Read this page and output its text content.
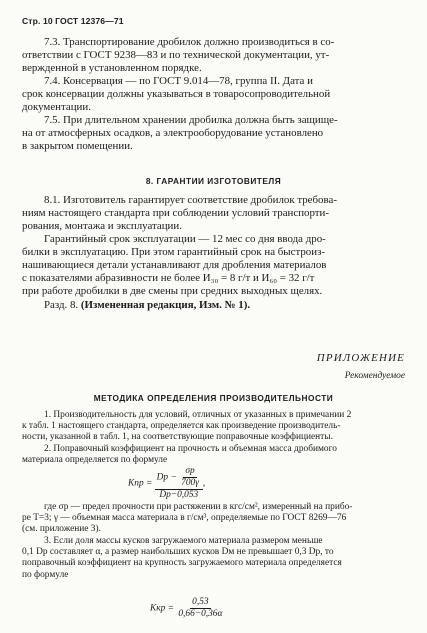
Стр. 10 ГОСТ 12376—71
7.3. Транспортирование дробилок должно производиться в со-
ответствии с ГОСТ 9238—83 и по технической документации, ут-
вержденной в установленном порядке.
7.4. Консервация — по ГОСТ 9.014—78, группа II. Дата и
срок консервации должны указываться в товаросопроводительной
документации.
7.5. При длительном хранении дробилка должна быть защище-
на от атмосферных осадков, а электрооборудование установлено
в закрытом помещении.
8. ГАРАНТИИ ИЗГОТОВИТЕЛЯ
8.1. Изготовитель гарантирует соответствие дробилок требова-
ниям настоящего стандарта при соблюдении условий транспорти-
рования, монтажа и эксплуатации.
Гарантийный срок эксплуатации — 12 мес со дня ввода дро-
билки в эксплуатацию. При этом гарантийный срок на быстроиз-
нашивающиеся детали устанавливают для дробления материалов
с показателями абразивности не более И₃₀ = 8 г/т и И₆₀ = 32 г/т
при работе дробилки в две смены при средних выходных щелях.
Разд. 8. (Измененная редакция, Изм. № 1).
ПРИЛОЖЕНИЕ
Рекомендуемое
МЕТОДИКА ОПРЕДЕЛЕНИЯ ПРОИЗВОДИТЕЛЬНОСТИ
1. Производительность для условий, отличных от указанных в примечании 2
к табл. 1 настоящего стандарта, определяется как произведение производитель-
ности, указанной в табл. 1, на соответствующие поправочные коэффициенты.
2. Поправочный коэффициент на прочность и объемная масса дробимого
материала определяется по формуле
Kпр = $\frac{Dр - \frac{\sigma р}{700\gamma}}{Dр-0,053}$ ,
где σр — предел прочности при растяжении в кгс/см², измеренный на прибо-
ре Т=3; γ — объемная масса материала в г/см³, определяемые по ГОСТ 8269—76
(см. приложение 3).
3. Если доля массы кусков загружаемого материала размером меньше
0,1 Dр составляет α, а размер наибольших кусков Dм не превышает 0,3 Dр, то
поправочный коэффициент на крупность загружаемого материала определяется
по формуле
Kкр = $\frac{0,53}{0,66-0,36\alpha}$
